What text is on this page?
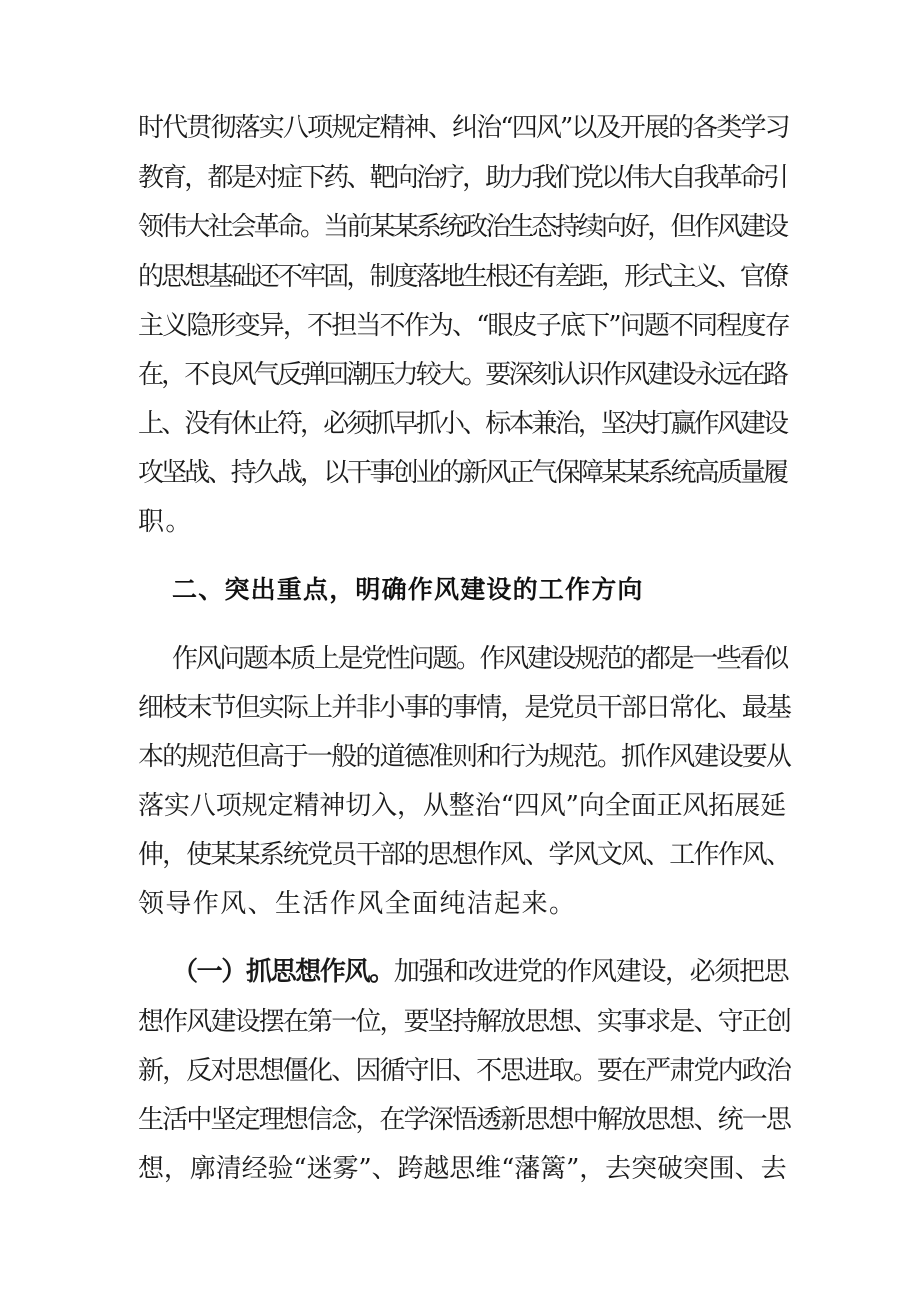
时代贯彻落实八项规定精神、纠治“四风”以及开展的各类学习
教育，都是对症下药、靶向治疗，助力我们党以伟大自我革命引
领伟大社会革命。当前某某系统政治生态持续向好，但作风建设
的思想基础还不牢固，制度落地生根还有差距，形式主义、官僚
主义隐形变异，不担当不作为、“眼皮子底下”问题不同程度存
在，不良风气反弹回潮压力较大。要深刻认识作风建设永远在路
上、没有休止符，必须抓早抓小、标本兼治，坚决打赢作风建设
攻坚战、持久战，以干事创业的新风正气保障某某系统高质量履
职。
二、突出重点，明确作风建设的工作方向
作风问题本质上是党性问题。作风建设规范的都是一些看似
细枝末节但实际上并非小事的事情，是党员干部日常化、最基
本的规范但高于一般的道德准则和行为规范。抓作风建设要从
落实八项规定精神切入，从整治“四风”向全面正风拓展延
伸，使某某系统党员干部的思想作风、学风文风、工作作风、
领导作风、生活作风全面纯洁起来。
（一）抓思想作风。加强和改进党的作风建设，必须把思
想作风建设摆在第一位，要坚持解放思想、实事求是、守正创
新，反对思想僵化、因循守旧、不思进取。要在严肃党内政治
生活中坚定理想信念，在学深悟透新思想中解放思想、统一思
想，廓清经验“迷雾”、跨越思维“藩篱”，去突破突围、去
